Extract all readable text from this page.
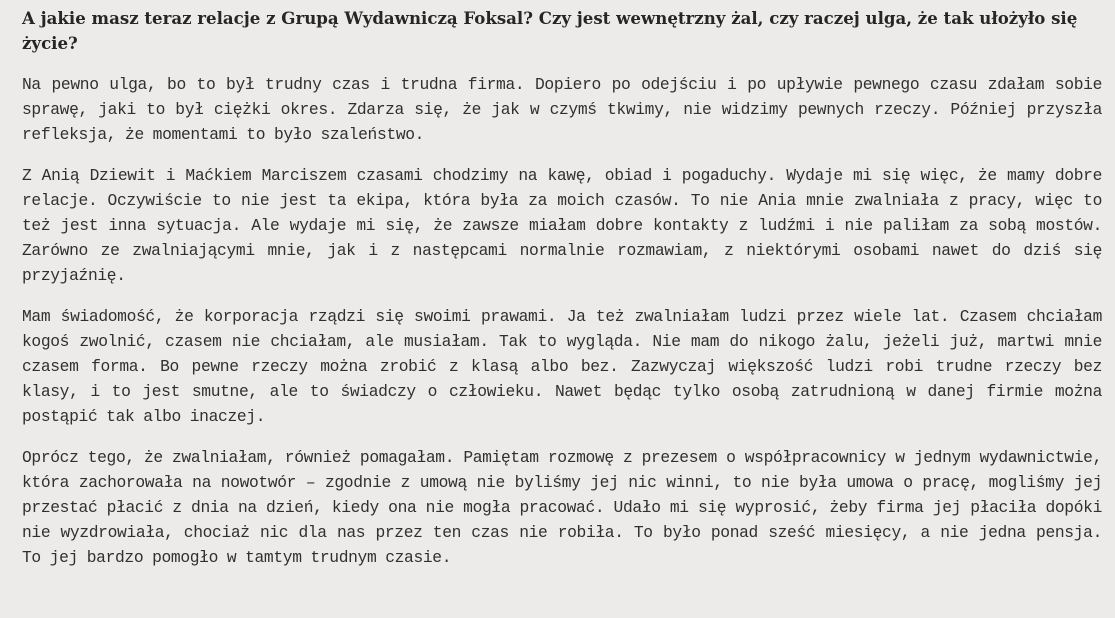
A jakie masz teraz relacje z Grupą Wydawniczą Foksal? Czy jest wewnętrzny żal, czy raczej ulga, że tak ułożyło się życie?

Na pewno ulga, bo to był trudny czas i trudna firma. Dopiero po odejściu i po upływie pewnego czasu zdałam sobie sprawę, jaki to był ciężki okres. Zdarza się, że jak w czymś tkwimy, nie widzimy pewnych rzeczy. Później przyszła refleksja, że momentami to było szaleństwo.

Z Anią Dziewit i Maćkiem Marciszem czasami chodzimy na kawę, obiad i pogaduchy. Wydaje mi się więc, że mamy dobre relacje. Oczywiście to nie jest ta ekipa, która była za moich czasów. To nie Ania mnie zwalniała z pracy, więc to też jest inna sytuacja. Ale wydaje mi się, że zawsze miałam dobre kontakty z ludźmi i nie paliłam za sobą mostów. Zarówno ze zwalniającymi mnie, jak i z następcami normalnie rozmawiam, z niektórymi osobami nawet do dziś się przyjaźnię.

Mam świadomość, że korporacja rządzi się swoimi prawami. Ja też zwalniałam ludzi przez wiele lat. Czasem chciałam kogoś zwolnić, czasem nie chciałam, ale musiałam. Tak to wygląda. Nie mam do nikogo żalu, jeżeli już, martwi mnie czasem forma. Bo pewne rzeczy można zrobić z klasą albo bez. Zazwyczaj większość ludzi robi trudne rzeczy bez klasy, i to jest smutne, ale to świadczy o człowieku. Nawet będąc tylko osobą zatrudnioną w danej firmie można postąpić tak albo inaczej.

Oprócz tego, że zwalniałam, również pomagałam. Pamiętam rozmowę z prezesem o współpracownicy w jednym wydawnictwie, która zachorowała na nowotwór – zgodnie z umową nie byliśmy jej nic winni, to nie była umowa o pracę, mogliśmy jej przestać płacić z dnia na dzień, kiedy ona nie mogła pracować. Udało mi się wyprosić, żeby firma jej płaciła dopóki nie wyzdrowiała, chociaż nic dla nas przez ten czas nie robiła. To było ponad sześć miesięcy, a nie jedna pensja. To jej bardzo pomogło w tamtym trudnym czasie.
